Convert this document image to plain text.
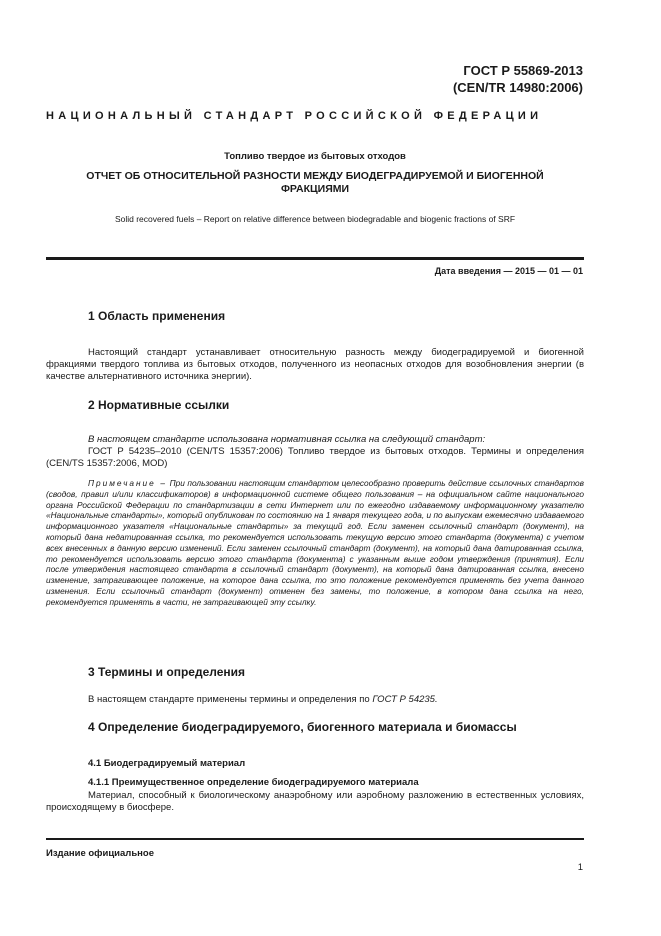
ГОСТ Р 55869-2013
(CEN/TR 14980:2006)
НАЦИОНАЛЬНЫЙ СТАНДАРТ РОССИЙСКОЙ ФЕДЕРАЦИИ
Топливо твердое из бытовых отходов
ОТЧЕТ ОБ ОТНОСИТЕЛЬНОЙ РАЗНОСТИ МЕЖДУ БИОДЕГРАДИРУЕМОЙ И БИОГЕННОЙ ФРАКЦИЯМИ
Solid recovered fuels – Report on relative difference between biodegradable and biogenic fractions of SRF
Дата введения — 2015 — 01 — 01
1 Область применения
Настоящий стандарт устанавливает относительную разность между биодеградируемой и биогенной фракциями твердого топлива из бытовых отходов, полученного из неопасных отходов для возобновления энергии (в качестве альтернативного источника энергии).
2 Нормативные ссылки
В настоящем стандарте использована нормативная ссылка на следующий стандарт:
ГОСТ Р 54235–2010 (CEN/TS 15357:2006) Топливо твердое из бытовых отходов. Термины и определения (CEN/TS 15357:2006, MOD)
Примечание – При пользовании настоящим стандартом целесообразно проверить действие ссылочных стандартов (сводов, правил и/или классификаторов) в информационной системе общего пользования – на официальном сайте национального органа Российской Федерации по стандартизации в сети Интернет или по ежегодно издаваемому информационному указателю «Национальные стандарты», который опубликован по состоянию на 1 января текущего года, и по выпускам ежемесячно издаваемого информационного указателя «Национальные стандарты» за текущий год. Если заменен ссылочный стандарт (документ), на который дана недатированная ссылка, то рекомендуется использовать текущую версию этого стандарта (документа) с учетом всех внесенных в данную версию изменений. Если заменен ссылочный стандарт (документ), на который дана датированная ссылка, то рекомендуется использовать версию этого стандарта (документа) с указанным выше годом утверждения (принятия). Если после утверждения настоящего стандарта в ссылочный стандарт (документ), на который дана датированная ссылка, внесено изменение, затрагивающее положение, на которое дана ссылка, то это положение рекомендуется применять без учета данного изменения. Если ссылочный стандарт (документ) отменен без замены, то положение, в котором дана ссылка на него, рекомендуется применять в части, не затрагивающей эту ссылку.
3 Термины и определения
В настоящем стандарте применены термины и определения по ГОСТ Р 54235.
4 Определение биодеградируемого, биогенного материала и биомассы
4.1 Биодеградируемый материал
4.1.1 Преимущественное определение биодеградируемого материала
Материал, способный к биологическому анаэробному или аэробному разложению в естественных условиях, происходящему в биосфере.
Издание официальное
1
